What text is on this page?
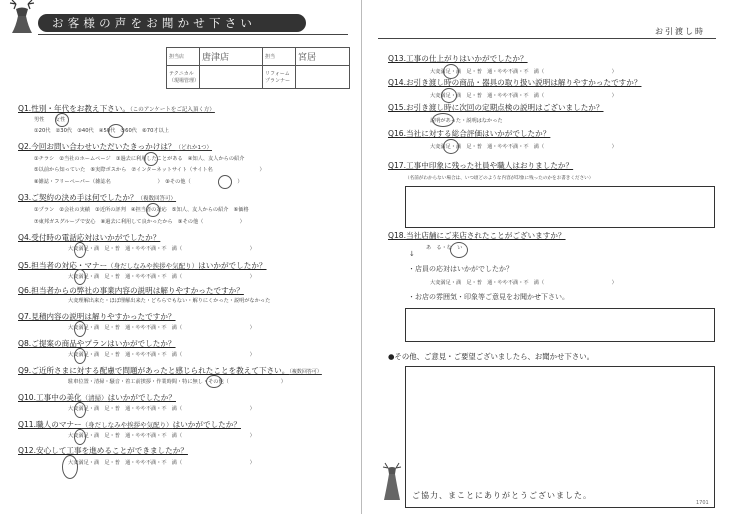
お客様の声をお聞かせ下さい
担当店	唐津店	担当	宮居
テクニカル（現場管理）		リフォームプランナー	
Q1.性別・年代をお教え下さい。（このアンケートをご記入頂く方）
男性　　女性
①20代　②30代　③40代　④50代　⑤60代　⑥70才以上
Q2.今回お問い合わせいただいたきっかけは？（どれか1つ）
①チラシ　②当社のホームページ　③過去に利用したことがある　④知人、友人からの紹介
⑤以前から知っていた　⑥実際ボスから　⑦インターネットサイト（サイト名　　　　　　　　　）
⑧雑誌・フリーペーパー（雑誌名　　　　　　　　　）　⑨その他（　　　　　　　　　）
Q3.ご契約の決め手は何でしたか？（複数回答可）
①プラン　②会社の実績　③近所の評判　④担当者の対応　⑤知人、友人からの紹介　⑥価格
⑦東邦ガスグループで安心　⑧過去に利用して良かったから　⑨その他（　　　　　　　）
Q4.受付時の電話応対はいかがでしたか？
大変満足・満　足・普　通・やや不満・不　満（　　　　　　　　　　　　　）
Q5.担当者の対応・マナー（身だしなみや挨拶や気配り）はいかがでしたか？
大変満足・満　足・普　通・やや不満・不　満（　　　　　　　　　　　　　）
Q6.担当者からの弊社の事業内容の説明は解りやすかったですか？
大変理解出来た・ほぼ理解出来た・どちらでもない・解りにくかった・説明がなかった
Q7.見積内容の説明は解りやすかったですか？
大変満足・満　足・普　通・やや不満・不　満（　　　　　　　　　　　　　）
Q8.ご提案の商品やプランはいかがでしたか？
大変満足・満　足・普　通・やや不満・不　満（　　　　　　　　　　　　　）
Q9.ご近所さまに対する配慮で問題があったと感じられたことを教えて下さい。（複数回答可）
駐車位置・清掃・騒音・着工前挨拶・作業時間・特に無し・その他（　　　　　　　　　　）
Q10.工事中の美化（清掃）はいかがでしたか？
大変満足・満　足・普　通・やや不満・不　満（　　　　　　　　　　　　　）
Q11.職人のマナー（身だしなみや挨拶や気配り）はいかがでしたか？
大変満足・満　足・普　通・やや不満・不　満（　　　　　　　　　　　　　）
Q12.安心して工事を進めることができましたか？
大変満足・満　足・普　通・やや不満・不　満（　　　　　　　　　　　　　）
お引渡し時
Q13.工事の仕上がりはいかがでしたか？
大変満足・満　足・普　通・やや不満・不　満（　　　　　　　　　　　　　）
Q14.お引き渡し時の商品・器具の取り扱い説明は解りやすかったですか？
大変満足・満　足・普　通・やや不満・不　満（　　　　　　　　　　　　　）
Q15.お引き渡し時に次回の定期点検の説明はございましたか？
説明があった・説明はなかった
Q16.当社に対する総合評価はいかがでしたか？
大変満足・満　足・普　通・やや不満・不　満（　　　　　　　　　　　　　）
Q17.工事中印象に残った社員や職人はおりましたか？
（名前がわからない場合は、いつ頃どのような内容が印象に残ったのかをお書きください）
Q18.当社店舗にご来店されたことがございますか？
あ　る・な　い
↓
・店員の応対はいかがでしたか？
大変満足・満　足・普　通・やや不満・不　満（　　　　　　　　　　　　　）
・お店の雰囲気・印象等ご意見をお聞かせ下さい。
●その他、ご意見・ご要望ございましたら、お聞かせ下さい。
ご協力、まことにありがとうございました。
1701
